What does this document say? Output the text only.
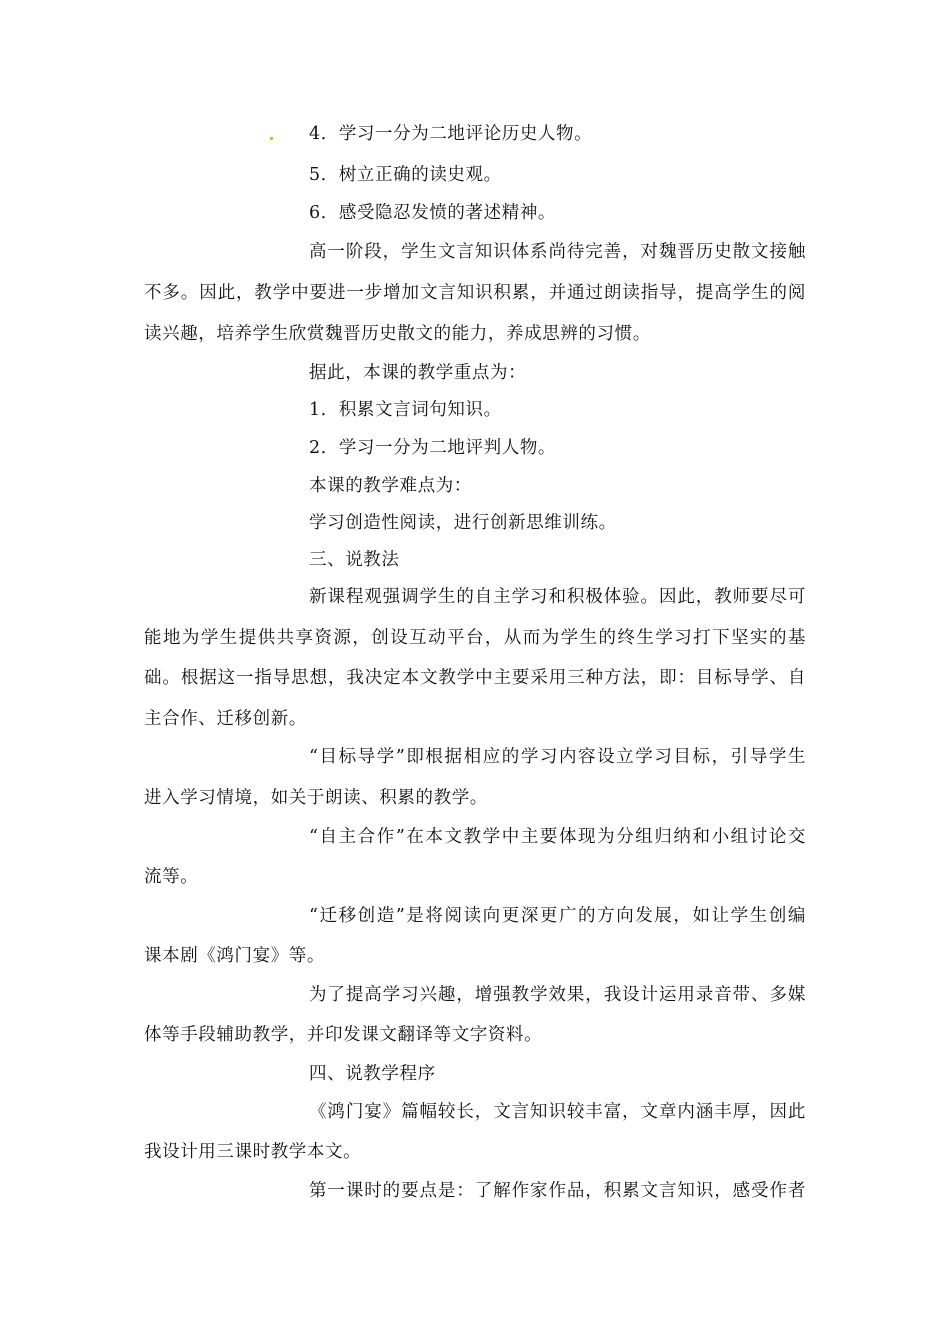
4．学习一分为二地评论历史人物。
5．树立正确的读史观。
6．感受隐忍发愤的著述精神。
高一阶段，学生文言知识体系尚待完善，对魏晋历史散文接触
不多。因此，教学中要进一步增加文言知识积累，并通过朗读指导，提高学生的阅
读兴趣，培养学生欣赏魏晋历史散文的能力，养成思辨的习惯。
据此，本课的教学重点为：
1．积累文言词句知识。
2．学习一分为二地评判人物。
本课的教学难点为：
学习创造性阅读，进行创新思维训练。
三、说教法
新课程观强调学生的自主学习和积极体验。因此，教师要尽可
能地为学生提供共享资源，创设互动平台，从而为学生的终生学习打下坚实的基
础。根据这一指导思想，我决定本文教学中主要采用三种方法，即：目标导学、自
主合作、迁移创新。
“目标导学”即根据相应的学习内容设立学习目标，引导学生
进入学习情境，如关于朗读、积累的教学。
“自主合作”在本文教学中主要体现为分组归纳和小组讨论交
流等。
“迁移创造”是将阅读向更深更广的方向发展，如让学生创编
课本剧《鸿门宴》等。
为了提高学习兴趣，增强教学效果，我设计运用录音带、多媒
体等手段辅助教学，并印发课文翻译等文字资料。
四、说教学程序
《鸿门宴》篇幅较长，文言知识较丰富，文章内涵丰厚，因此
我设计用三课时教学本文。
第一课时的要点是：了解作家作品，积累文言知识，感受作者
